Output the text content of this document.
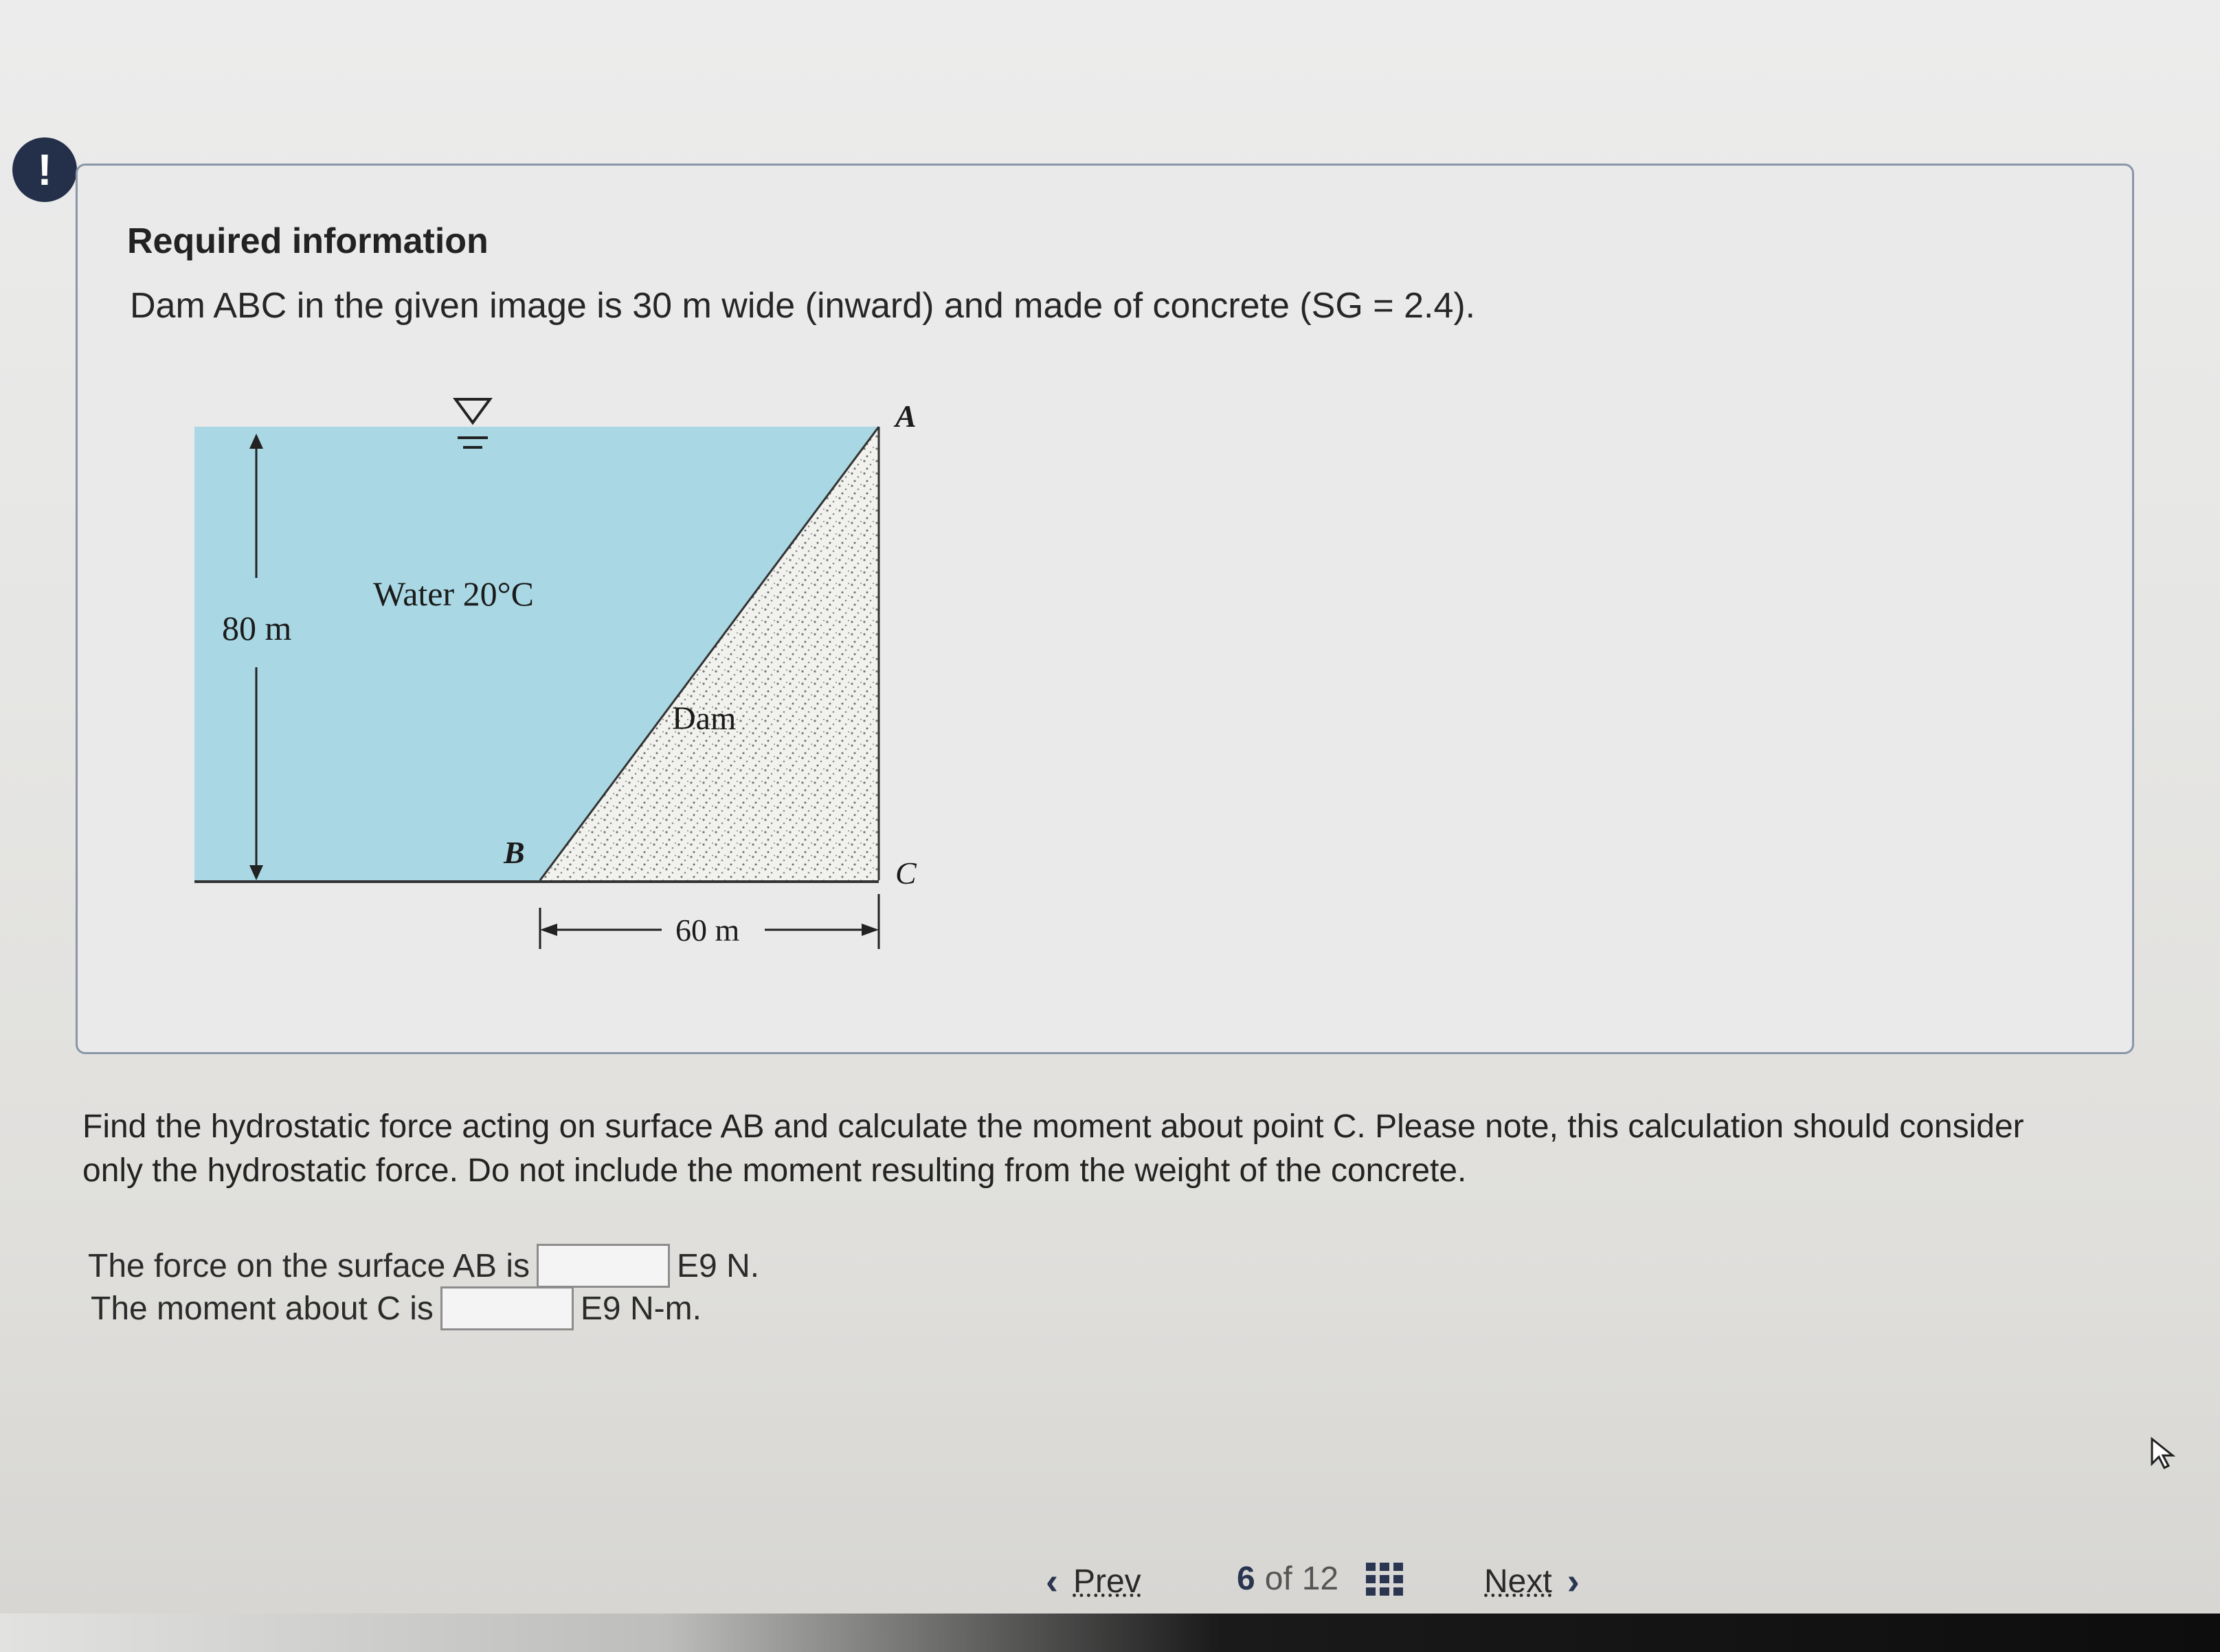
!
Required information
Dam ABC in the given image is 30 m wide (inward) and made of concrete (SG = 2.4).
80 m
Water 20°C
Dam
A
B
C
60 m
Find the hydrostatic force acting on surface AB and calculate the moment about point C. Please note, this calculation should consider only the hydrostatic force. Do not include the moment resulting from the weight of the concrete.
The force on the surface AB is	E9 N.
The moment about C is	E9 N-m.
‹ Prev	6 of 12	Next ›
